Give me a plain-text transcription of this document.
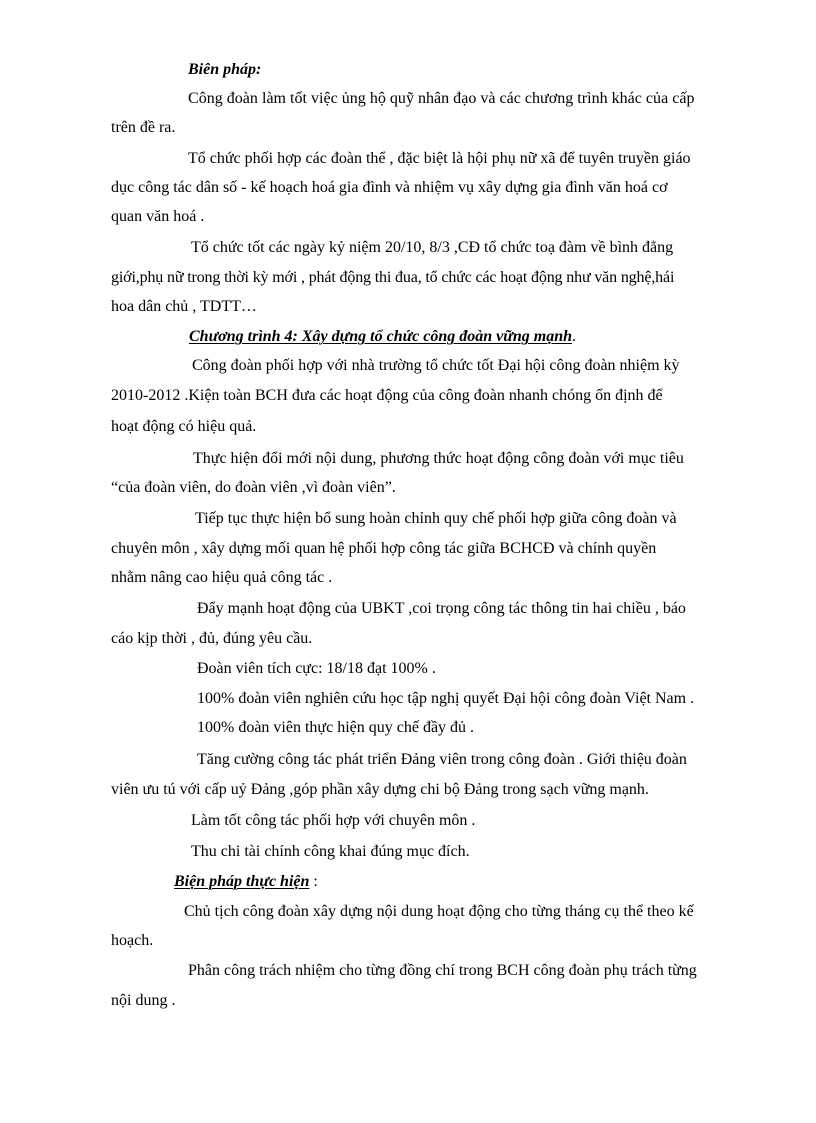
Biên pháp:
Công đoàn làm tốt việc ủng hộ quỹ nhân đạo và các chương trình khác của cấp
trên đề ra.
Tổ chức phối hợp các đoàn thể , đặc biệt là hội phụ nữ xã để tuyên truyền giáo
dục công tác dân số - kế hoạch hoá gia đình và nhiệm vụ xây dựng gia đình văn hoá cơ
quan văn hoá .
Tổ chức tốt các ngày kỷ niệm 20/10, 8/3 ,CĐ tổ chức toạ đàm về bình đẳng
giới,phụ nữ trong thời kỳ mới , phát động thi đua, tổ chức các hoạt động như văn nghệ,hái
hoa dân chủ , TDTT…
Chương trình 4: Xây dựng tổ chức công đoàn vững mạnh.
Công đoàn phối hợp với nhà trường tổ chức tốt Đại hội công đoàn nhiệm kỳ
2010-2012 .Kiện toàn BCH đưa các hoạt động của công đoàn nhanh chóng ổn định để
hoạt động có hiệu quả.
Thực hiện đổi mới nội dung, phương thức hoạt động công đoàn với mục tiêu
“của đoàn viên, do đoàn viên ,vì đoàn viên”.
Tiếp tục thực hiện bổ sung hoàn chỉnh quy chế phối hợp giữa công đoàn và
chuyên môn , xây dựng mối quan hệ phối hợp công tác giữa BCHCĐ và chính quyền
nhằm nâng cao hiệu quả công tác .
Đẩy mạnh hoạt động của UBKT ,coi trọng công tác thông tin hai chiều , báo
cáo kịp thời , đủ, đúng yêu cầu.
Đoàn viên tích cực: 18/18 đạt 100% .
100% đoàn viên nghiên cứu học tập nghị quyết Đại hội công đoàn Việt Nam .
100% đoàn viên thực hiện quy chế đầy đủ .
Tăng cường công tác phát triển Đảng viên trong công đoàn . Giới thiệu đoàn
viên ưu tú với cấp uỷ Đảng ,góp phần xây dựng chi bộ Đảng trong sạch vững mạnh.
Làm tốt công tác phối hợp với chuyên môn .
Thu chi tài chính công khai đúng mục đích.
Biện pháp thực hiện :
Chủ tịch công đoàn xây dựng nội dung hoạt động cho từng tháng cụ thể theo kế
hoạch.
Phân công trách nhiệm cho từng đồng chí trong BCH công đoàn phụ trách từng
nội dung .
